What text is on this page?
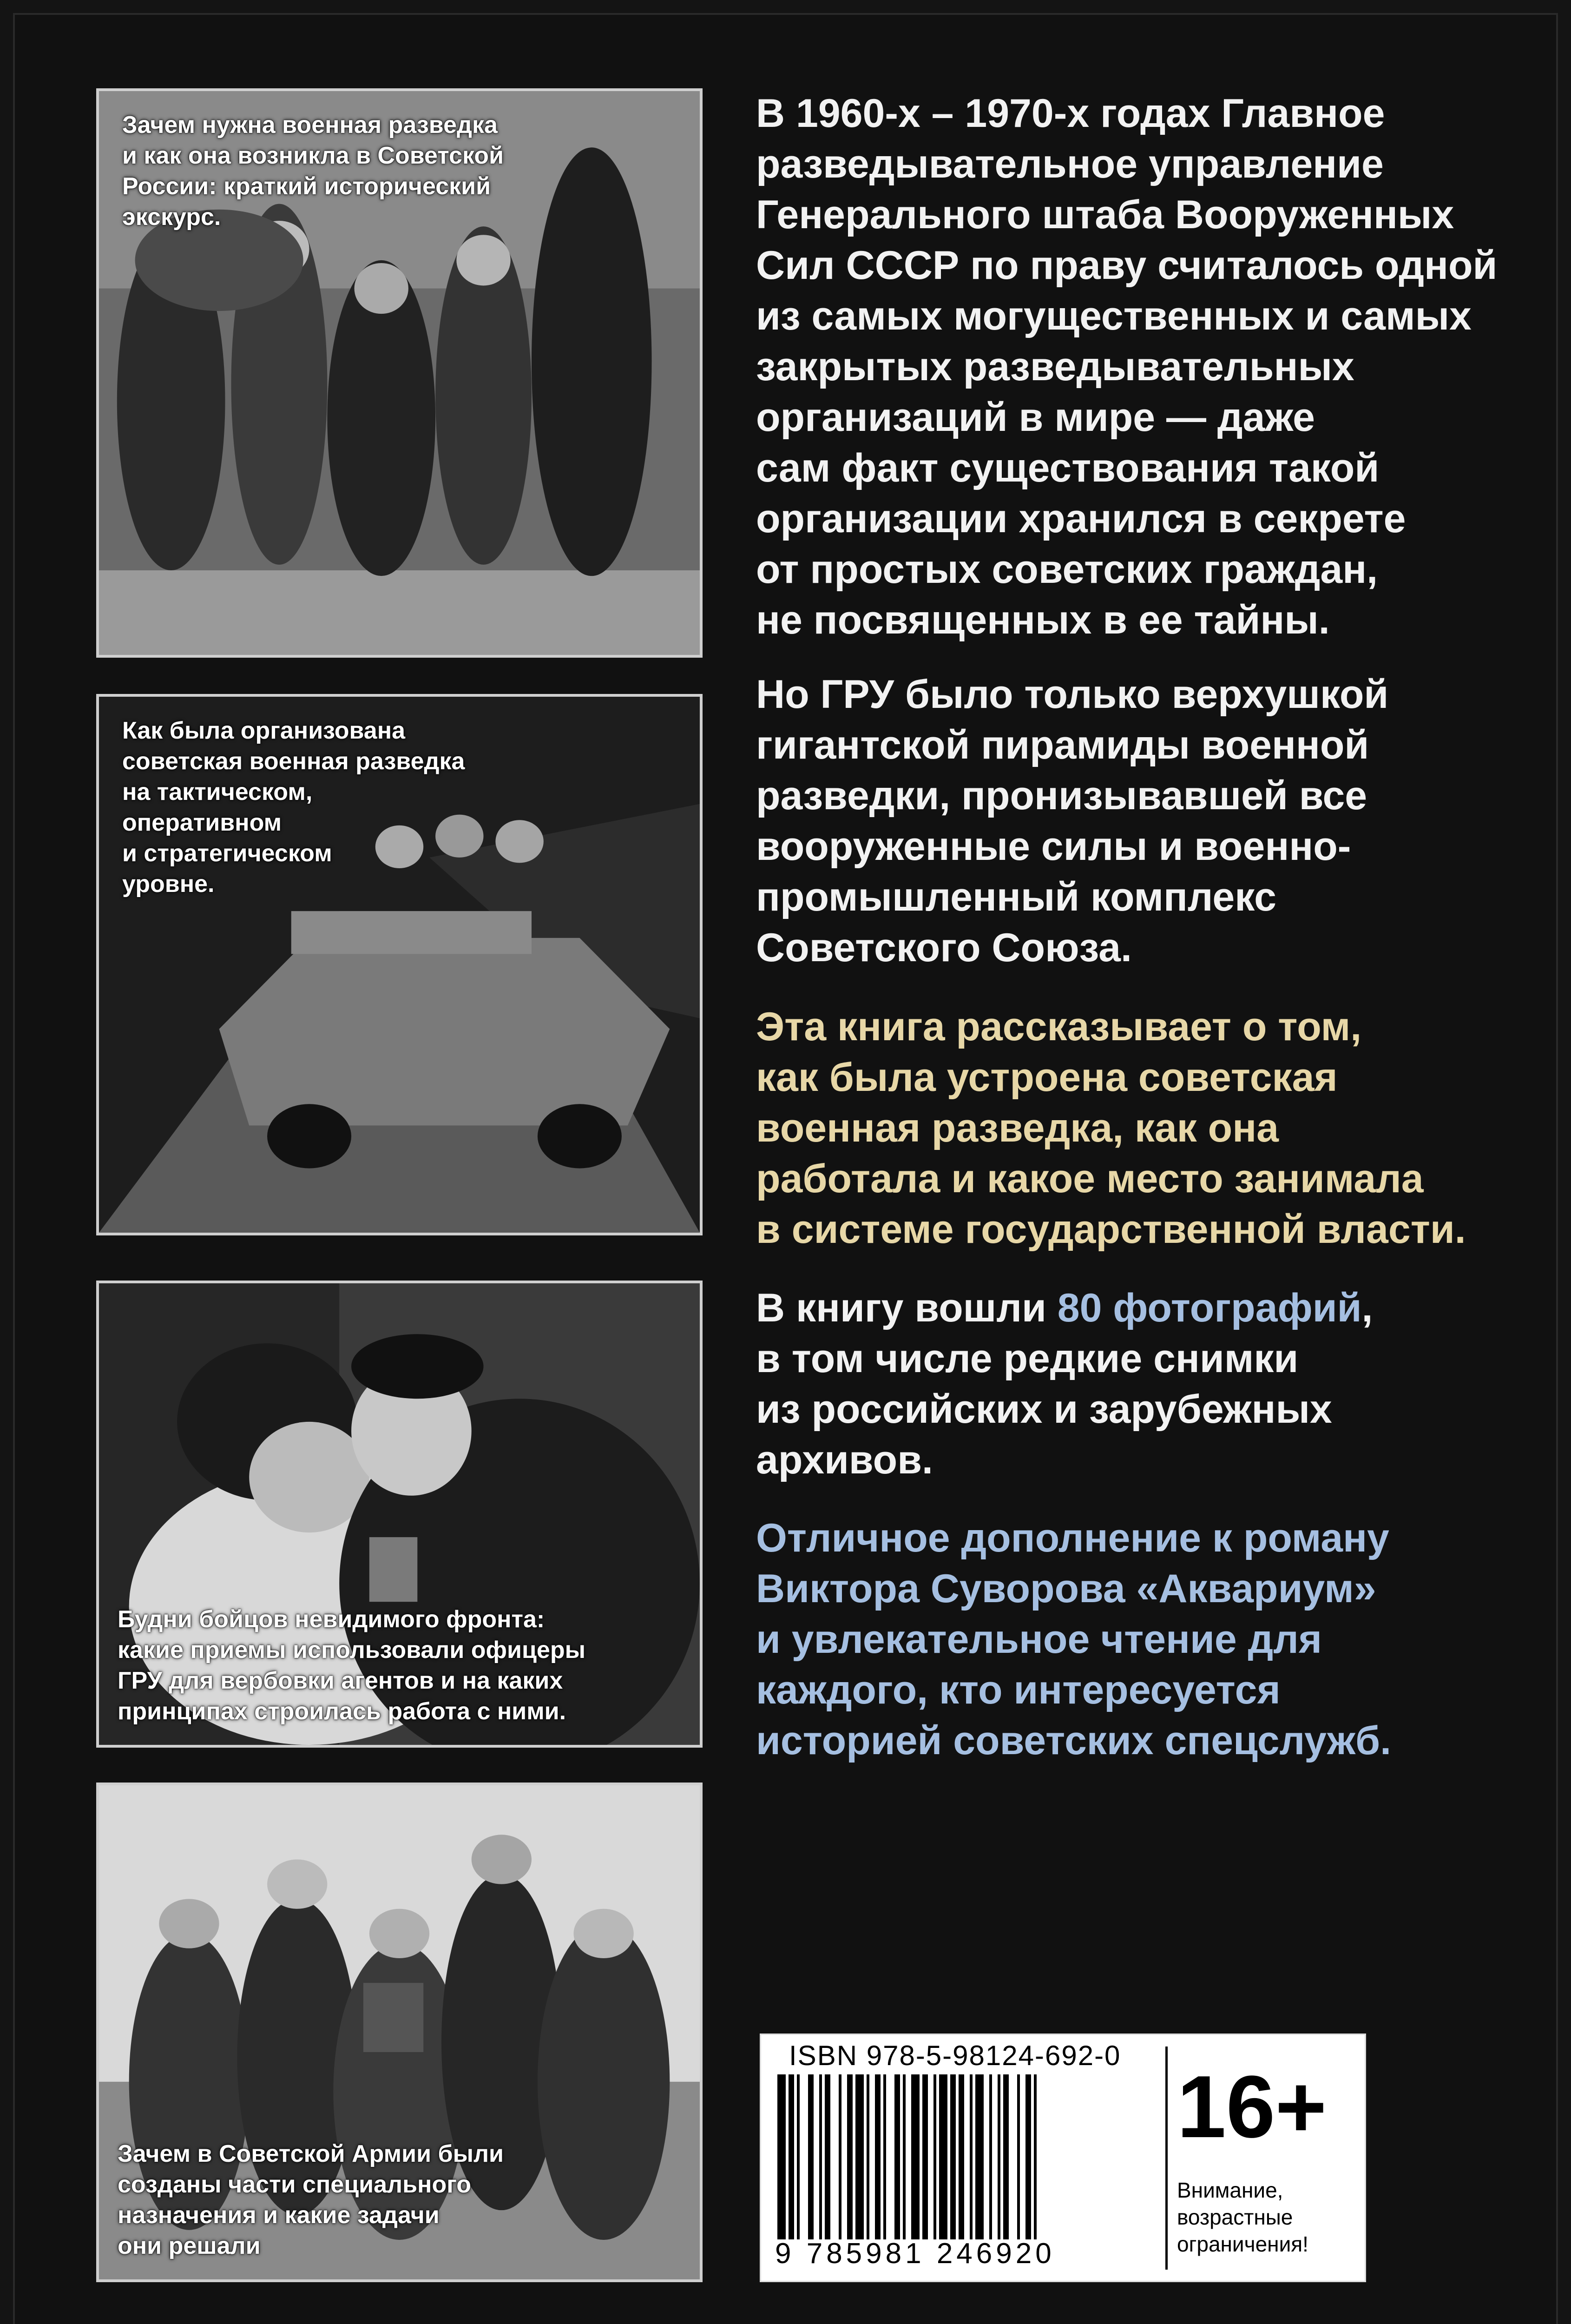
Зачем нужна военная разведка
и как она возникла в Советской
России: краткий исторический
экскурс.
Как была организована
советская военная разведка
на тактическом,
оперативном
и стратегическом
уровне.
Будни бойцов невидимого фронта:
какие приемы использовали офицеры
ГРУ для вербовки агентов и на каких
принципах строилась работа с ними.
Зачем в Советской Армии были
созданы части специального
назначения и какие задачи
они решали
В 1960-х – 1970-х годах Главное
разведывательное управление
Генерального штаба Вооруженных
Сил СССР по праву считалось одной
из самых могущественных и самых
закрытых разведывательных
организаций в мире — даже
сам факт существования такой
организации хранился в секрете
от простых советских граждан,
не посвященных в ее тайны.
Но ГРУ было только верхушкой
гигантской пирамиды военной
разведки, пронизывавшей все
вооруженные силы и военно-
промышленный комплекс
Советского Союза.
Эта книга рассказывает о том,
как была устроена советская
военная разведка, как она
работала и какое место занимала
в системе государственной власти.
В книгу вошли 80 фотографий,
в том числе редкие снимки
из российских и зарубежных
архивов.
Отличное дополнение к роману
Виктора Суворова «Аквариум»
и увлекательное чтение для
каждого, кто интересуется
историей советских спецслужб.
ISBN 978-5-98124-692-0
9 785981 246920
16+
Внимание,
возрастные
ограничения!
